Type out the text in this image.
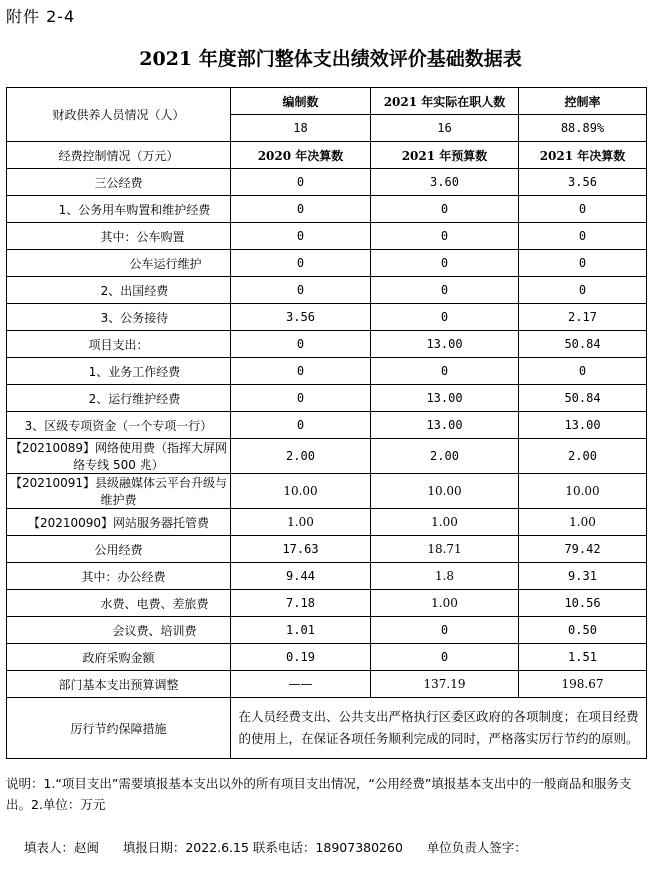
附件 2-4
2021 年度部门整体支出绩效评价基础数据表
财政供养人员情况（人）	编制数	2021 年实际在职人数	控制率
	18	16	88.89%
经费控制情况（万元）	2020 年决算数	2021 年预算数	2021 年决算数
三公经费	0	3.60	3.56
1、公务用车购置和维护经费	0	0	0
其中：公车购置	0	0	0
公车运行维护	0	0	0
2、出国经费	0	0	0
3、公务接待	3.56	0	2.17
项目支出：	0	13.00	50.84
1、业务工作经费	0	0	0
2、运行维护经费	0	13.00	50.84
3、区级专项资金（一个专项一行）	0	13.00	13.00
【20210089】网络使用费（指挥大屏网络专线 500 兆）	2.00	2.00	2.00
【20210091】县级融媒体云平台升级与维护费	10.00	10.00	10.00
【20210090】网站服务器托管费	1.00	1.00	1.00
公用经费	17.63	18.71	79.42
其中：办公经费	9.44	1.8	9.31
水费、电费、差旅费	7.18	1.00	10.56
会议费、培训费	1.01	0	0.50
政府采购金额	0.19	0	1.51
部门基本支出预算调整	——	137.19	198.67
厉行节约保障措施	在人员经费支出、公共支出严格执行区委区政府的各项制度；在项目经费的使用上，在保证各项任务顺利完成的同时，严格落实厉行节约的原则。		
说明：1.“项目支出”需要填报基本支出以外的所有项目支出情况，“公用经费”填报基本支出中的一般商品和服务支出。2.单位：万元
填表人：赵闽      填报日期：2022.6.15 联系电话：18907380260      单位负责人签字：
